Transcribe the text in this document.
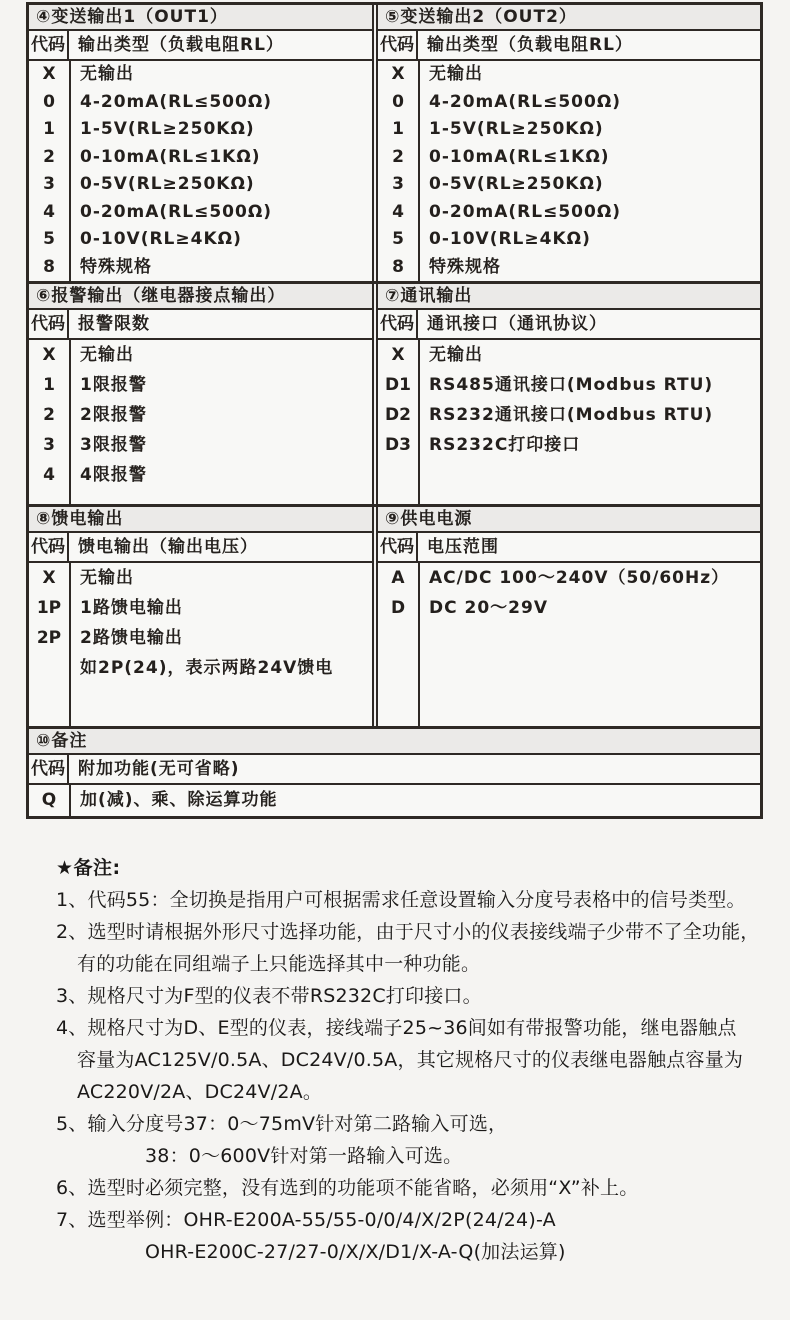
④变送输出1（OUT1）
代码 输出类型（负载电阻RL）
X	无输出
0	4-20mA(RL≤500Ω)
1	1-5V(RL≥250KΩ)
2	0-10mA(RL≤1KΩ)
3	0-5V(RL≥250KΩ)
4	0-20mA(RL≤500Ω)
5	0-10V(RL≥4KΩ)
8	特殊规格
⑤变送输出2（OUT2）
代码 输出类型（负载电阻RL）
X	无输出
0	4-20mA(RL≤500Ω)
1	1-5V(RL≥250KΩ)
2	0-10mA(RL≤1KΩ)
3	0-5V(RL≥250KΩ)
4	0-20mA(RL≤500Ω)
5	0-10V(RL≥4KΩ)
8	特殊规格
⑥报警输出（继电器接点输出）
代码 报警限数
X	无输出
1	1限报警
2	2限报警
3	3限报警
4	4限报警
⑦通讯输出
代码 通讯接口（通讯协议）
X	无输出
D1	RS485通讯接口(Modbus RTU)
D2	RS232通讯接口(Modbus RTU)
D3	RS232C打印接口
⑧馈电输出
代码 馈电输出（输出电压）
X	无输出
1P	1路馈电输出
2P	2路馈电输出
如2P(24)，表示两路24V馈电
⑨供电电源
代码 电压范围
A	AC/DC 100～240V（50/60Hz）
D	DC 20～29V
⑩备注
代码 附加功能(无可省略)
Q	加(减)、乘、除运算功能
★备注:
1、代码55：全切换是指用户可根据需求任意设置输入分度号表格中的信号类型。
2、选型时请根据外形尺寸选择功能，由于尺寸小的仪表接线端子少带不了全功能，
有的功能在同组端子上只能选择其中一种功能。
3、规格尺寸为F型的仪表不带RS232C打印接口。
4、规格尺寸为D、E型的仪表，接线端子25~36间如有带报警功能，继电器触点
容量为AC125V/0.5A、DC24V/0.5A，其它规格尺寸的仪表继电器触点容量为
AC220V/2A、DC24V/2A。
5、输入分度号37：0～75mV针对第二路输入可选，
38：0～600V针对第一路输入可选。
6、选型时必须完整，没有选到的功能项不能省略，必须用“X”补上。
7、选型举例：OHR-E200A-55/55-0/0/4/X/2P(24/24)-A
OHR-E200C-27/27-0/X/X/D1/X-A-Q(加法运算)
